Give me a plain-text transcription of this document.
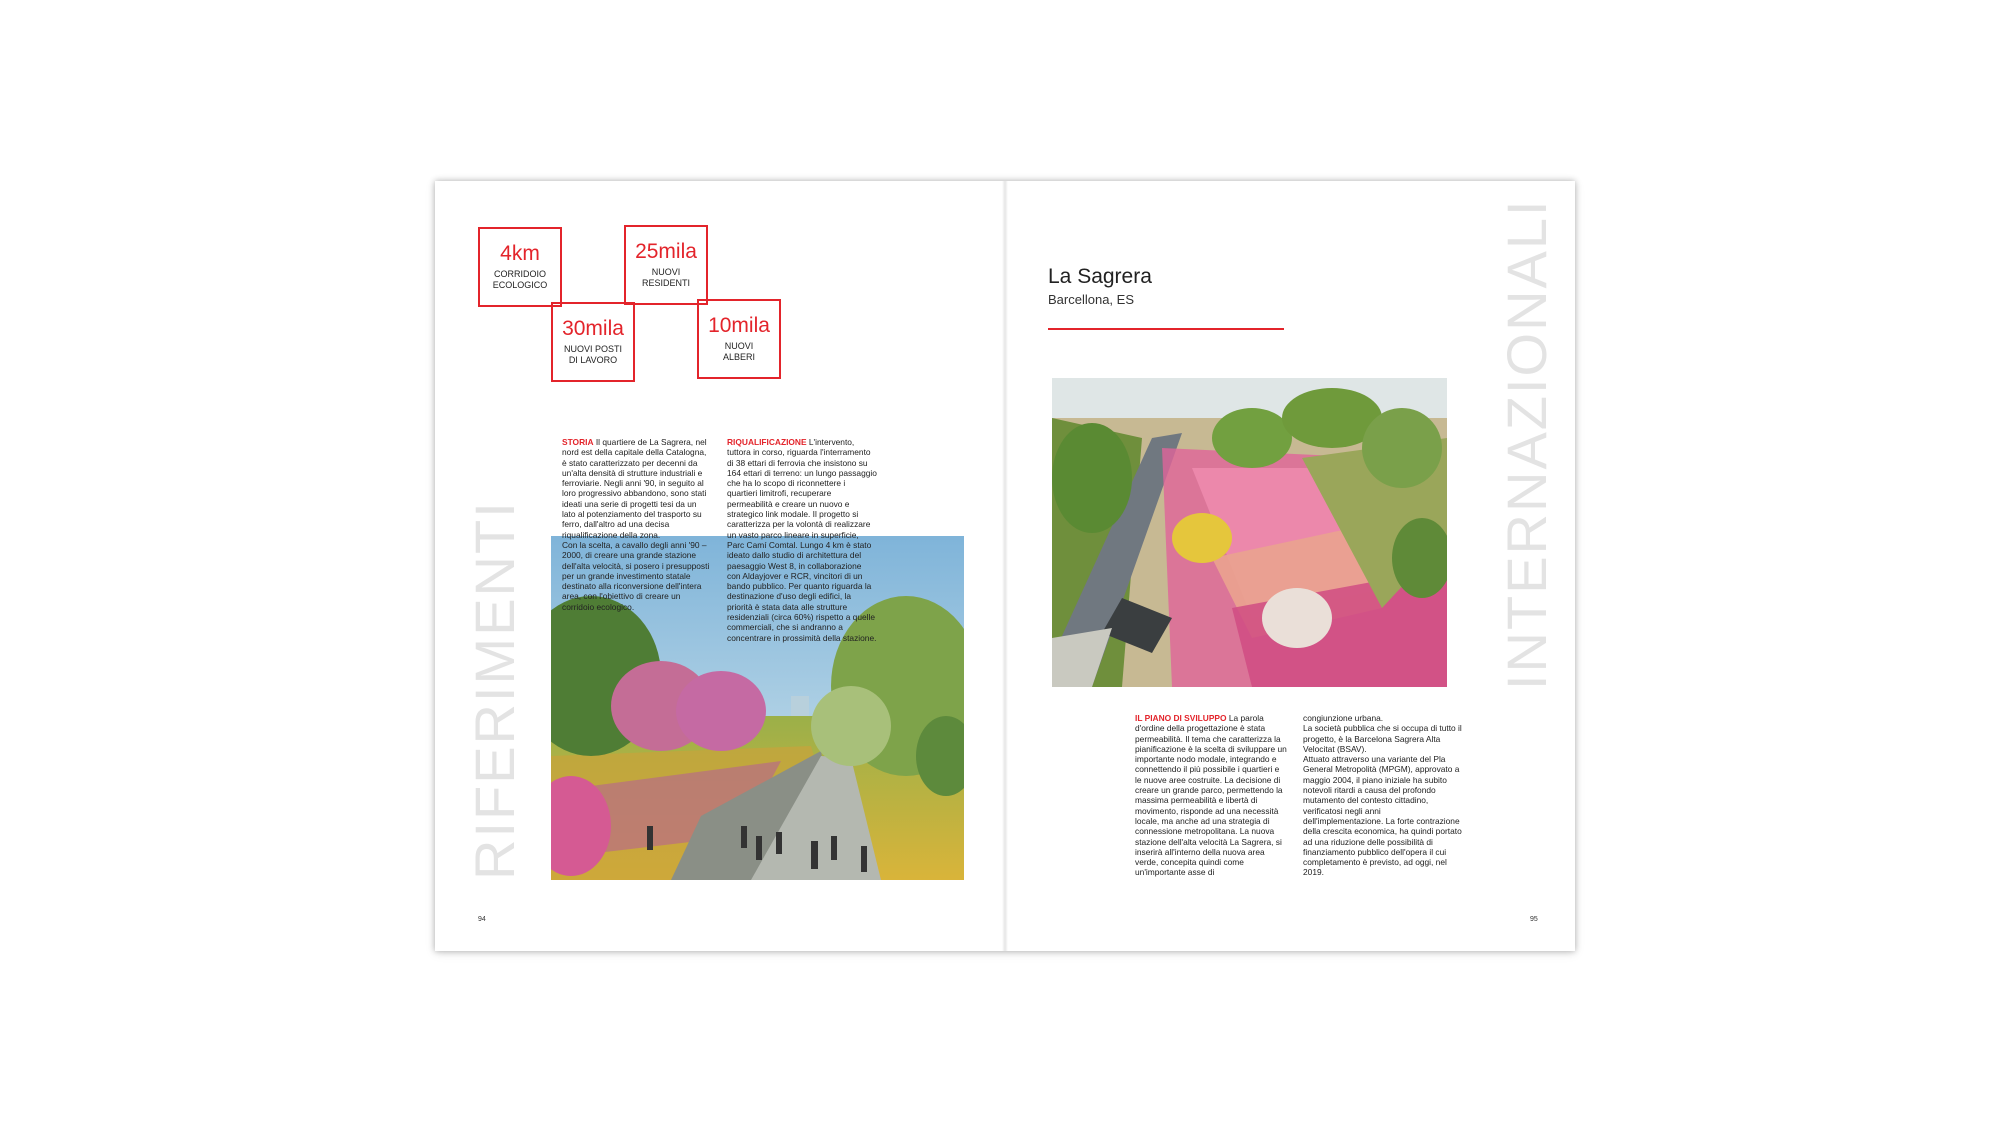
RIFERIMENTI
4km
CORRIDOIO
ECOLOGICO
25mila
NUOVI
RESIDENTI
30mila
NUOVI POSTI
DI LAVORO
10mila
NUOVI
ALBERI
STORIA Il quartiere de La Sagrera, nel nord est della capitale della Catalogna, è stato caratterizzato per decenni da un'alta densità di strutture industriali e ferroviarie. Negli anni '90, in seguito al loro progressivo abbandono, sono stati ideati una serie di progetti tesi da un lato al potenziamento del trasporto su ferro, dall'altro ad una decisa riqualificazione della zona.
Con la scelta, a cavallo degli anni '90 – 2000, di creare una grande stazione dell'alta velocità, si posero i presupposti per un grande investimento statale destinato alla riconversione dell'intera area, con l'obiettivo di creare un corridoio ecologico.
RIQUALIFICAZIONE L'intervento, tuttora in corso, riguarda l'interramento di 38 ettari di ferrovia che insistono su 164 ettari di terreno: un lungo passaggio che ha lo scopo di riconnettere i quartieri limitrofi, recuperare permeabilità e creare un nuovo e strategico link modale. Il progetto si caratterizza per la volontà di realizzare un vasto parco lineare in superficie, Parc Camí Comtal. Lungo 4 km è stato ideato dallo studio di architettura del paesaggio West 8, in collaborazione con Aldayjover e RCR, vincitori di un bando pubblico. Per quanto riguarda la destinazione d'uso degli edifici, la priorità è stata data alle strutture residenziali (circa 60%) rispetto a quelle commerciali, che si andranno a concentrare in prossimità della stazione.
94
INTERNAZIONALI
La Sagrera
Barcellona, ES
IL PIANO DI SVILUPPO La parola d'ordine della progettazione è stata permeabilità. Il tema che caratterizza la pianificazione è la scelta di sviluppare un importante nodo modale, integrando e connettendo il più possibile i quartieri e le nuove aree costruite. La decisione di creare un grande parco, permettendo la massima permeabilità e libertà di movimento, risponde ad una necessità locale, ma anche ad una strategia di connessione metropolitana. La nuova stazione dell'alta velocità La Sagrera, si inserirà all'interno della nuova area verde, concepita quindi come un'importante asse di
congiunzione urbana.
La società pubblica che si occupa di tutto il progetto, è la Barcelona Sagrera Alta Velocitat (BSAV).
Attuato attraverso una variante del Pla General Metropolità (MPGM), approvato a maggio 2004, il piano iniziale ha subito notevoli ritardi a causa del profondo mutamento del contesto cittadino, verificatosi negli anni dell'implementazione. La forte contrazione della crescita economica, ha quindi portato ad una riduzione delle possibilità di finanziamento pubblico dell'opera il cui completamento è previsto, ad oggi, nel 2019.
95
